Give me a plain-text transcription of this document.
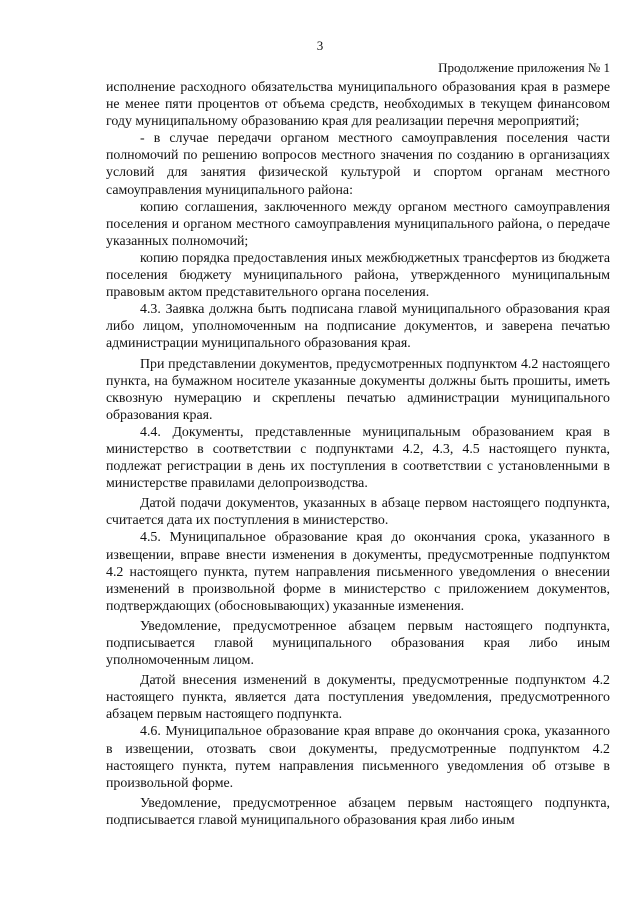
3
Продолжение приложения № 1

исполнение расходного обязательства муниципального образования края в размере не менее пяти процентов от объема средств, необходимых в текущем финансовом году муниципальному образованию края для реализации перечня мероприятий;

- в случае передачи органом местного самоуправления поселения части полномочий по решению вопросов местного значения по созданию в организациях условий для занятия физической культурой и спортом органам местного самоуправления муниципального района:

копию соглашения, заключенного между органом местного самоуправления поселения и органом местного самоуправления муниципального района, о передаче указанных полномочий;

копию порядка предоставления иных межбюджетных трансфертов из бюджета поселения бюджету муниципального района, утвержденного муниципальным правовым актом представительного органа поселения.

4.3. Заявка должна быть подписана главой муниципального образования края либо лицом, уполномоченным на подписание документов, и заверена печатью администрации муниципального образования края.

При представлении документов, предусмотренных подпунктом 4.2 настоящего пункта, на бумажном носителе указанные документы должны быть прошиты, иметь сквозную нумерацию и скреплены печатью администрации муниципального образования края.

4.4. Документы, представленные муниципальным образованием края в министерство в соответствии с подпунктами 4.2, 4.3, 4.5 настоящего пункта, подлежат регистрации в день их поступления в соответствии с установленными в министерстве правилами делопроизводства.

Датой подачи документов, указанных в абзаце первом настоящего подпункта, считается дата их поступления в министерство.

4.5. Муниципальное образование края до окончания срока, указанного в извещении, вправе внести изменения в документы, предусмотренные подпунктом 4.2 настоящего пункта, путем направления письменного уведомления о внесении изменений в произвольной форме в министерство с приложением документов, подтверждающих (обосновывающих) указанные изменения.

Уведомление, предусмотренное абзацем первым настоящего подпункта, подписывается главой муниципального образования края либо иным уполномоченным лицом.

Датой внесения изменений в документы, предусмотренные подпунктом 4.2 настоящего пункта, является дата поступления уведомления, предусмотренного абзацем первым настоящего подпункта.

4.6. Муниципальное образование края вправе до окончания срока, указанного в извещении, отозвать свои документы, предусмотренные подпунктом 4.2 настоящего пункта, путем направления письменного уведомления об отзыве в произвольной форме.

Уведомление, предусмотренное абзацем первым настоящего подпункта, подписывается главой муниципального образования края либо иным
